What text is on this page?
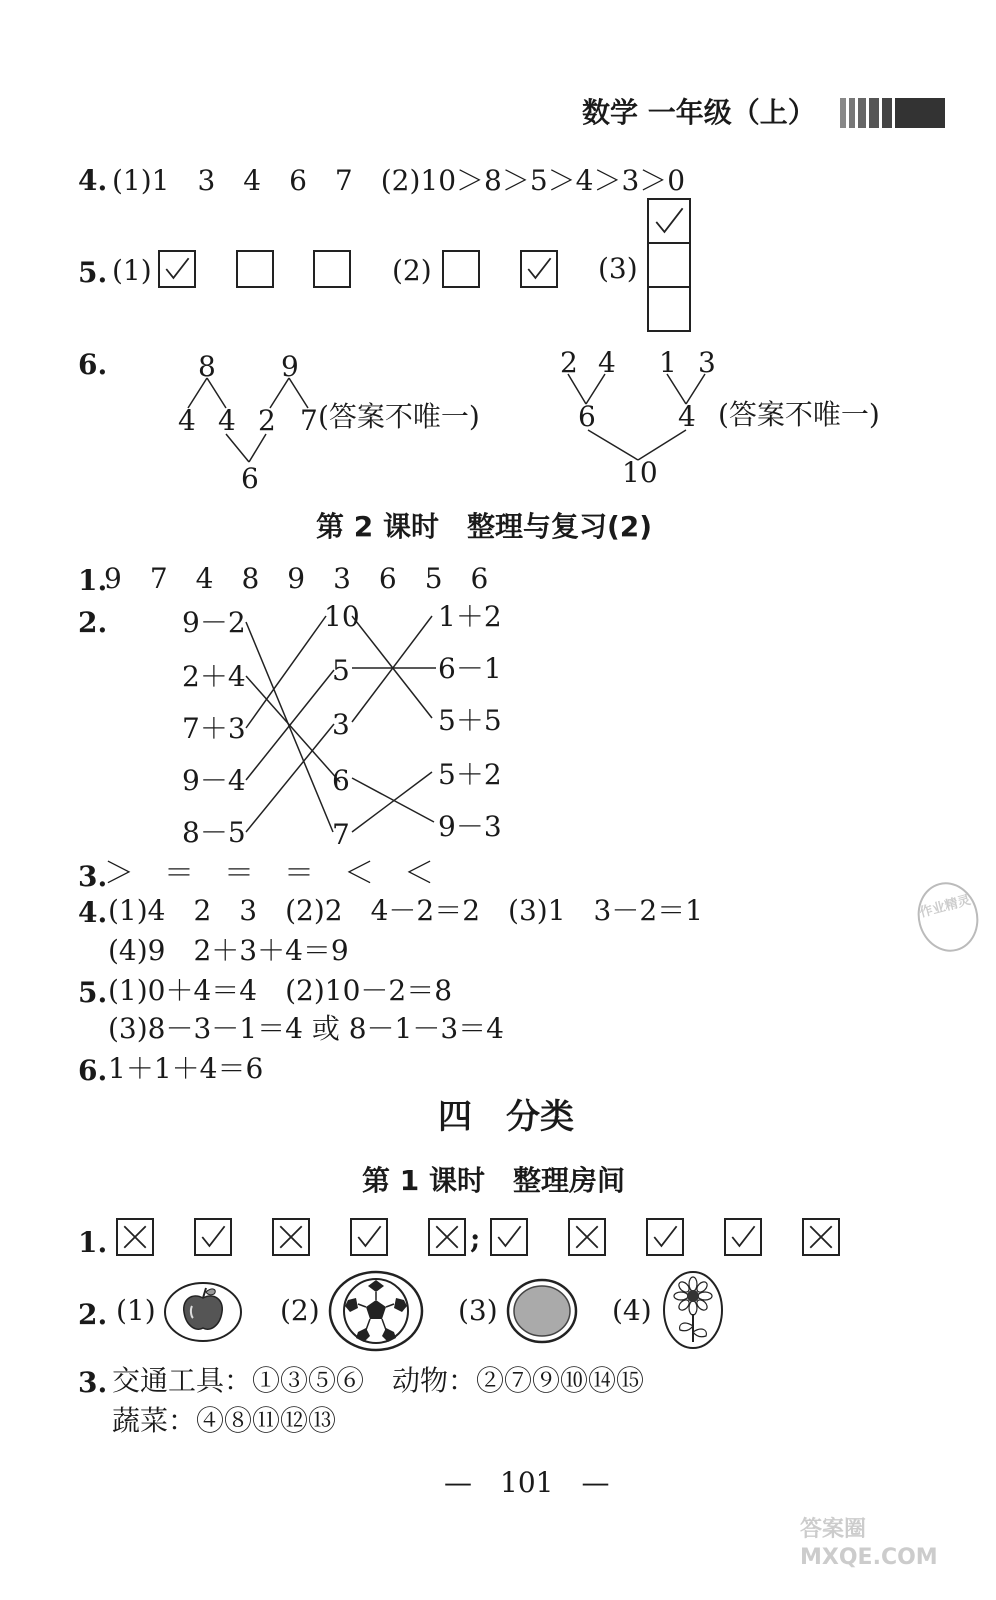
数学 一年级（上）
4. (1)1　3　4　6　7　(2)10＞8＞5＞4＞3＞0
5. (1)	(2)	(3)
6.	8 9
4 4 2 7
6
(答案不唯一)
2 4 1 3
6	4
10
(答案不唯一)
第 2 课时　整理与复习(2)
1.
9　7　4　8　9　3　6　5　6
2.	9－2
2＋4
7＋3
9－4
8－5
10
5
3
6
7
1＋2
6－1
5＋5
5＋2
9－3
3.
＞　＝　＝　＝　＜　＜
4. (1)4　2　3　(2)2　4－2＝2　(3)1　3－2＝1
(4)9　2＋3＋4＝9
5. (1)0＋4＝4　(2)10－2＝8
(3)8－3－1＝4 或 8－1－3＝4
6. 1＋1＋4＝6
四　分类
第 1 课时　整理房间
1.	;
2. (1)	(2)	(3)	(4)
3. 交通工具：①③⑤⑥　动物：②⑦⑨⑩⑭⑮
蔬菜：④⑧⑪⑫⑬
—　101　—
作业精灵
答案圈 MXQE.COM
